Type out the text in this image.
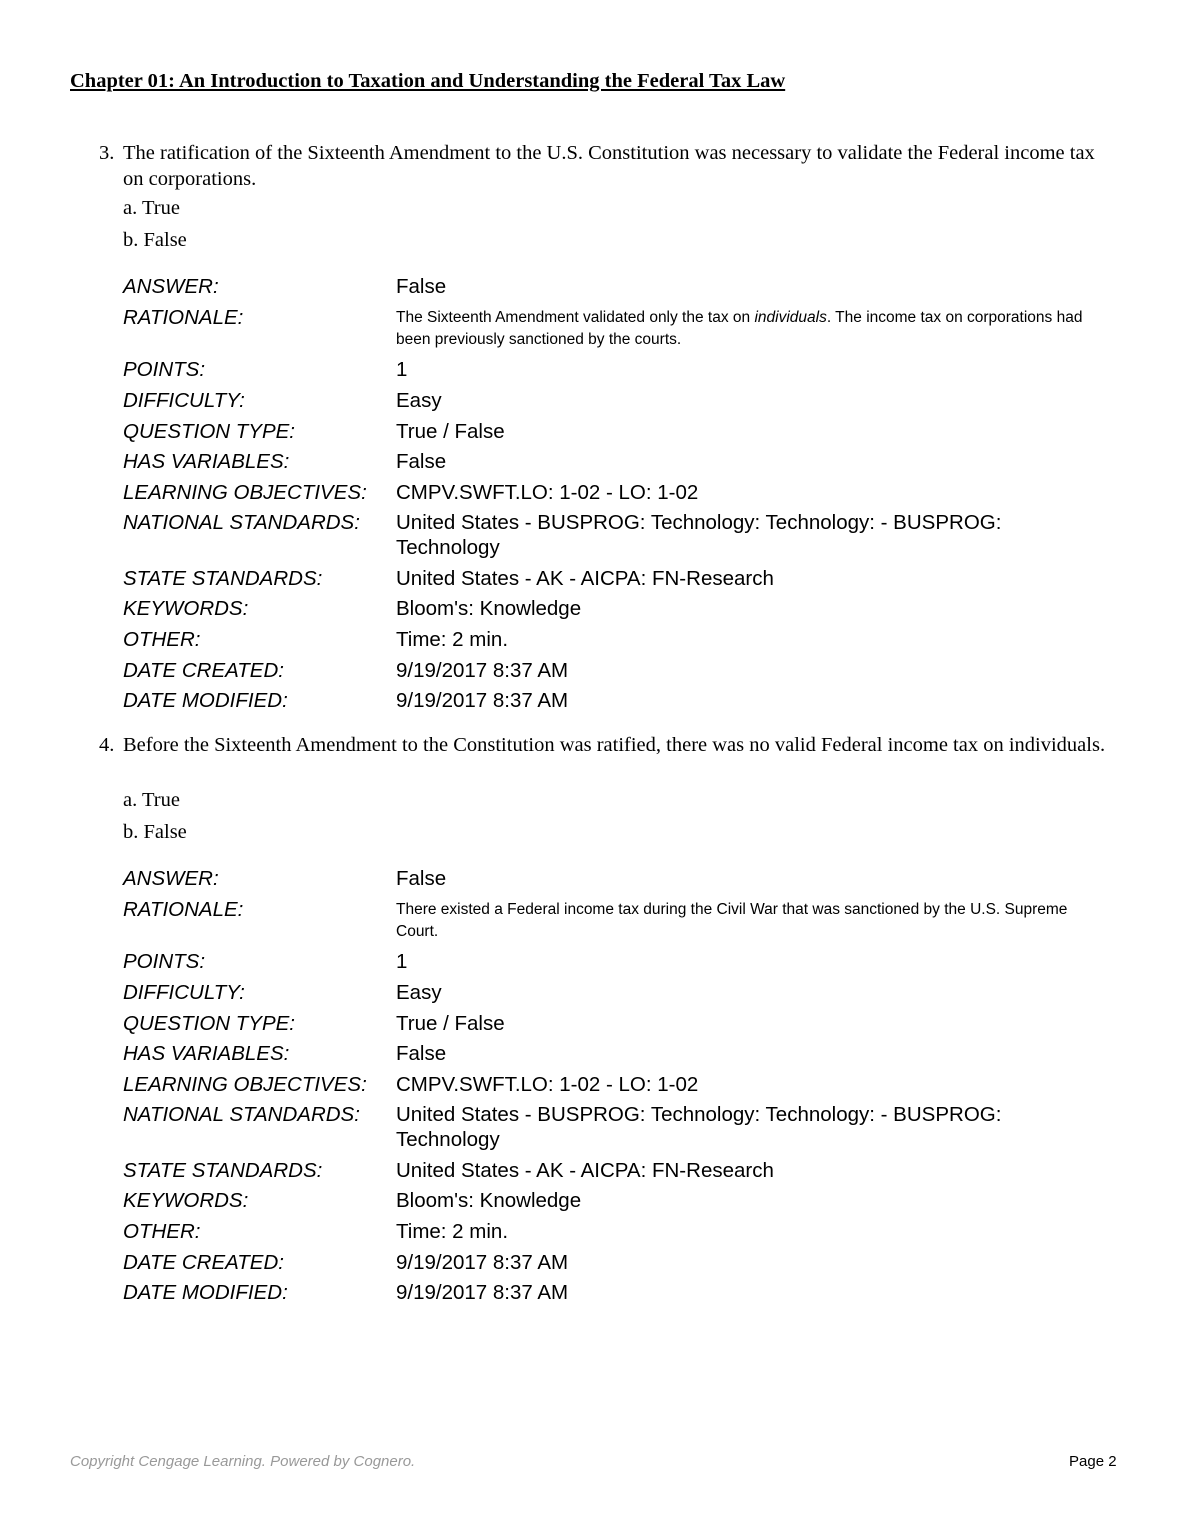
Chapter 01: An Introduction to Taxation and Understanding the Federal Tax Law
3. The ratification of the Sixteenth Amendment to the U.S. Constitution was necessary to validate the Federal income tax on corporations.
a. True
b. False
ANSWER:	False
RATIONALE:	The Sixteenth Amendment validated only the tax on individuals. The income tax on corporations had been previously sanctioned by the courts.
POINTS:	1
DIFFICULTY:	Easy
QUESTION TYPE:	True / False
HAS VARIABLES:	False
LEARNING OBJECTIVES: CMPV.SWFT.LO: 1-02 - LO: 1-02
NATIONAL STANDARDS: United States - BUSPROG: Technology: Technology: - BUSPROG: Technology
STATE STANDARDS:	United States - AK - AICPA: FN-Research
KEYWORDS:	Bloom's: Knowledge
OTHER:	Time: 2 min.
DATE CREATED:	9/19/2017 8:37 AM
DATE MODIFIED:	9/19/2017 8:37 AM
4. Before the Sixteenth Amendment to the Constitution was ratified, there was no valid Federal income tax on individuals.
a. True
b. False
ANSWER:	False
RATIONALE:	There existed a Federal income tax during the Civil War that was sanctioned by the U.S. Supreme Court.
POINTS:	1
DIFFICULTY:	Easy
QUESTION TYPE:	True / False
HAS VARIABLES:	False
LEARNING OBJECTIVES: CMPV.SWFT.LO: 1-02 - LO: 1-02
NATIONAL STANDARDS: United States - BUSPROG: Technology: Technology: - BUSPROG: Technology
STATE STANDARDS:	United States - AK - AICPA: FN-Research
KEYWORDS:	Bloom's: Knowledge
OTHER:	Time: 2 min.
DATE CREATED:	9/19/2017 8:37 AM
DATE MODIFIED:	9/19/2017 8:37 AM
Copyright Cengage Learning. Powered by Cognero.	Page 2
